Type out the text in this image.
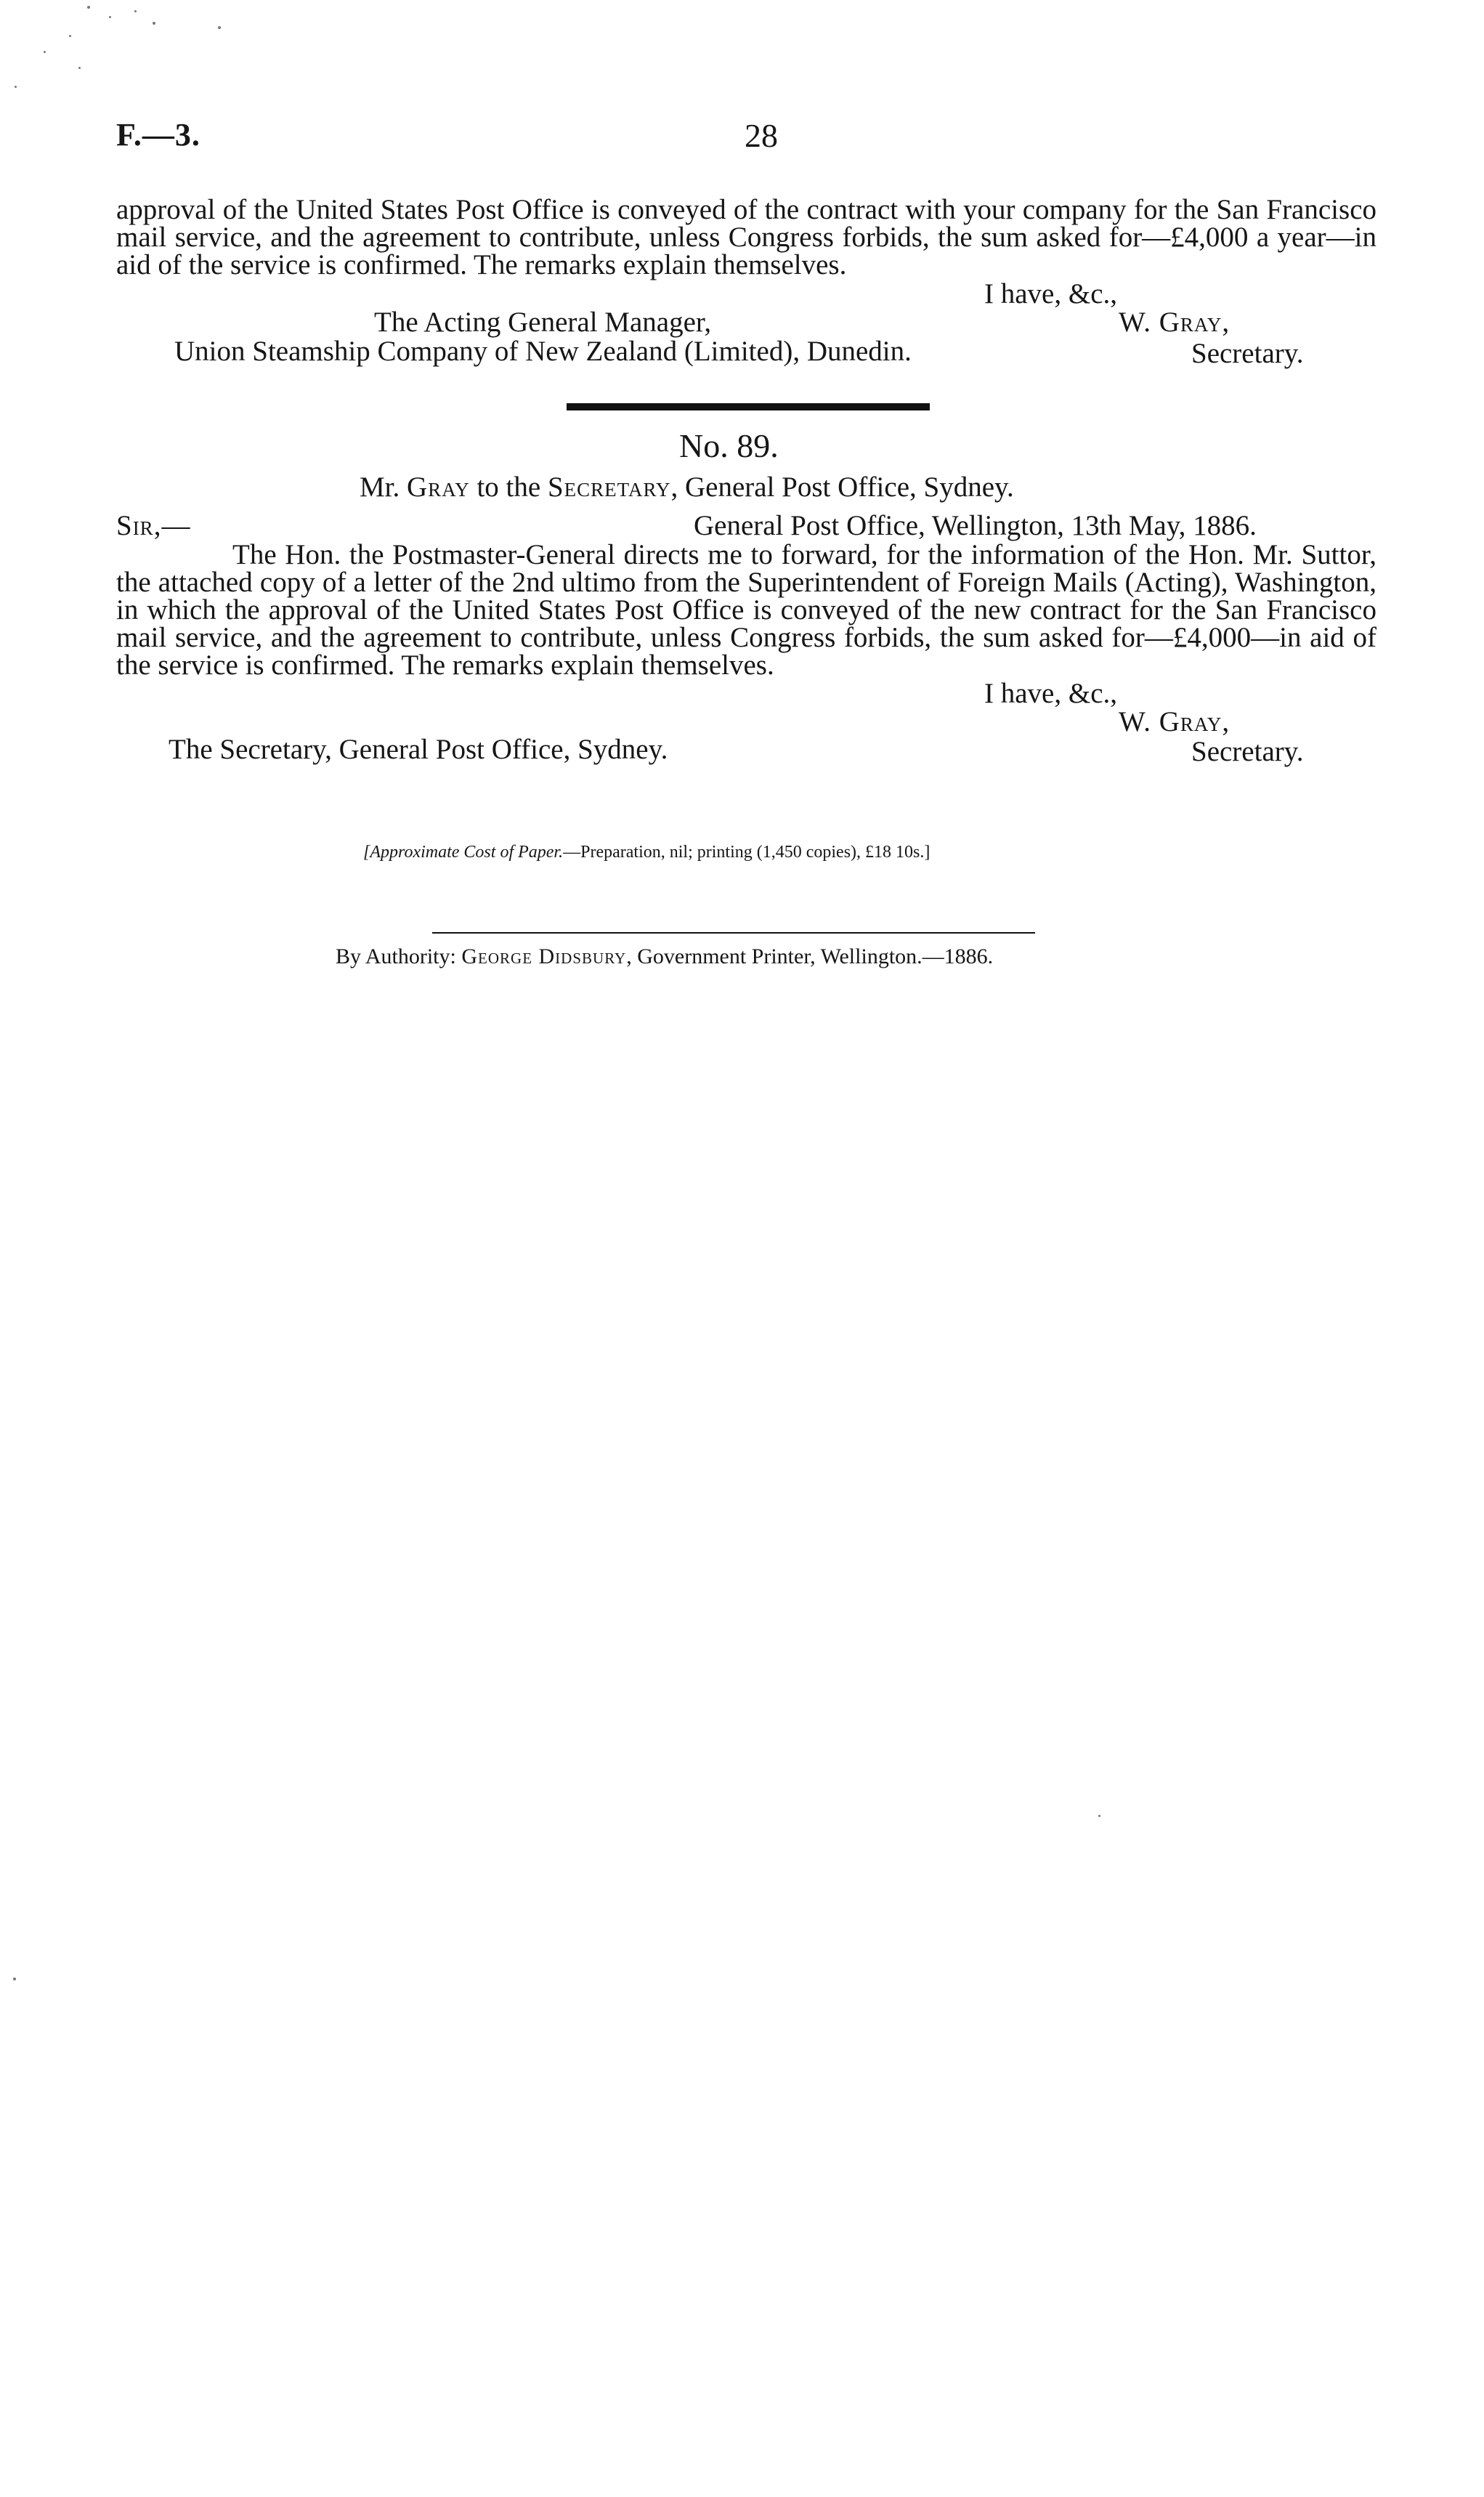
F.—3.	28
approval of the United States Post Office is conveyed of the contract with your company for the San Francisco mail service, and the agreement to contribute, unless Congress forbids, the sum asked for—£4,000 a year—in aid of the service is confirmed. The remarks explain themselves.
I have, &c.,
The Acting General Manager,	W. Gray,
Union Steamship Company of New Zealand (Limited), Dunedin.	Secretary.
No. 89.
Mr. Gray to the Secretary, General Post Office, Sydney.
Sir,—	General Post Office, Wellington, 13th May, 1886.
The Hon. the Postmaster-General directs me to forward, for the information of the Hon. Mr. Suttor, the attached copy of a letter of the 2nd ultimo from the Superintendent of Foreign Mails (Acting), Washington, in which the approval of the United States Post Office is conveyed of the new contract for the San Francisco mail service, and the agreement to contribute, unless Congress forbids, the sum asked for—£4,000—in aid of the service is confirmed. The remarks explain themselves.
I have, &c.,
W. Gray,
The Secretary, General Post Office, Sydney.	Secretary.
[Approximate Cost of Paper.—Preparation, nil; printing (1,450 copies), £18 10s.]
By Authority: George Didsbury, Government Printer, Wellington.—1886.
